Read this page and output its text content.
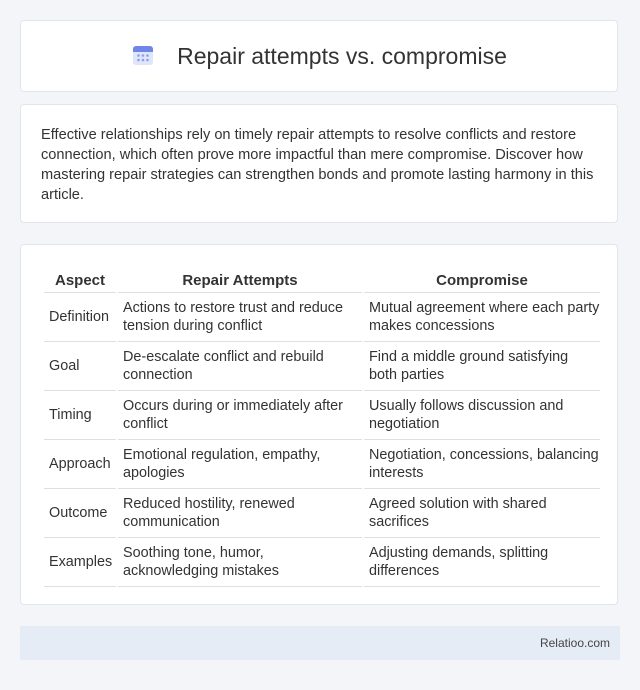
Repair attempts vs. compromise

Effective relationships rely on timely repair attempts to resolve conflicts and restore connection, which often prove more impactful than mere compromise. Discover how mastering repair strategies can strengthen bonds and promote lasting harmony in this article.

Aspect	Repair Attempts	Compromise
Definition	Actions to restore trust and reduce tension during conflict	Mutual agreement where each party makes concessions
Goal	De-escalate conflict and rebuild connection	Find a middle ground satisfying both parties
Timing	Occurs during or immediately after conflict	Usually follows discussion and negotiation
Approach	Emotional regulation, empathy, apologies	Negotiation, concessions, balancing interests
Outcome	Reduced hostility, renewed communication	Agreed solution with shared sacrifices
Examples	Soothing tone, humor, acknowledging mistakes	Adjusting demands, splitting differences
Relatioo.com
